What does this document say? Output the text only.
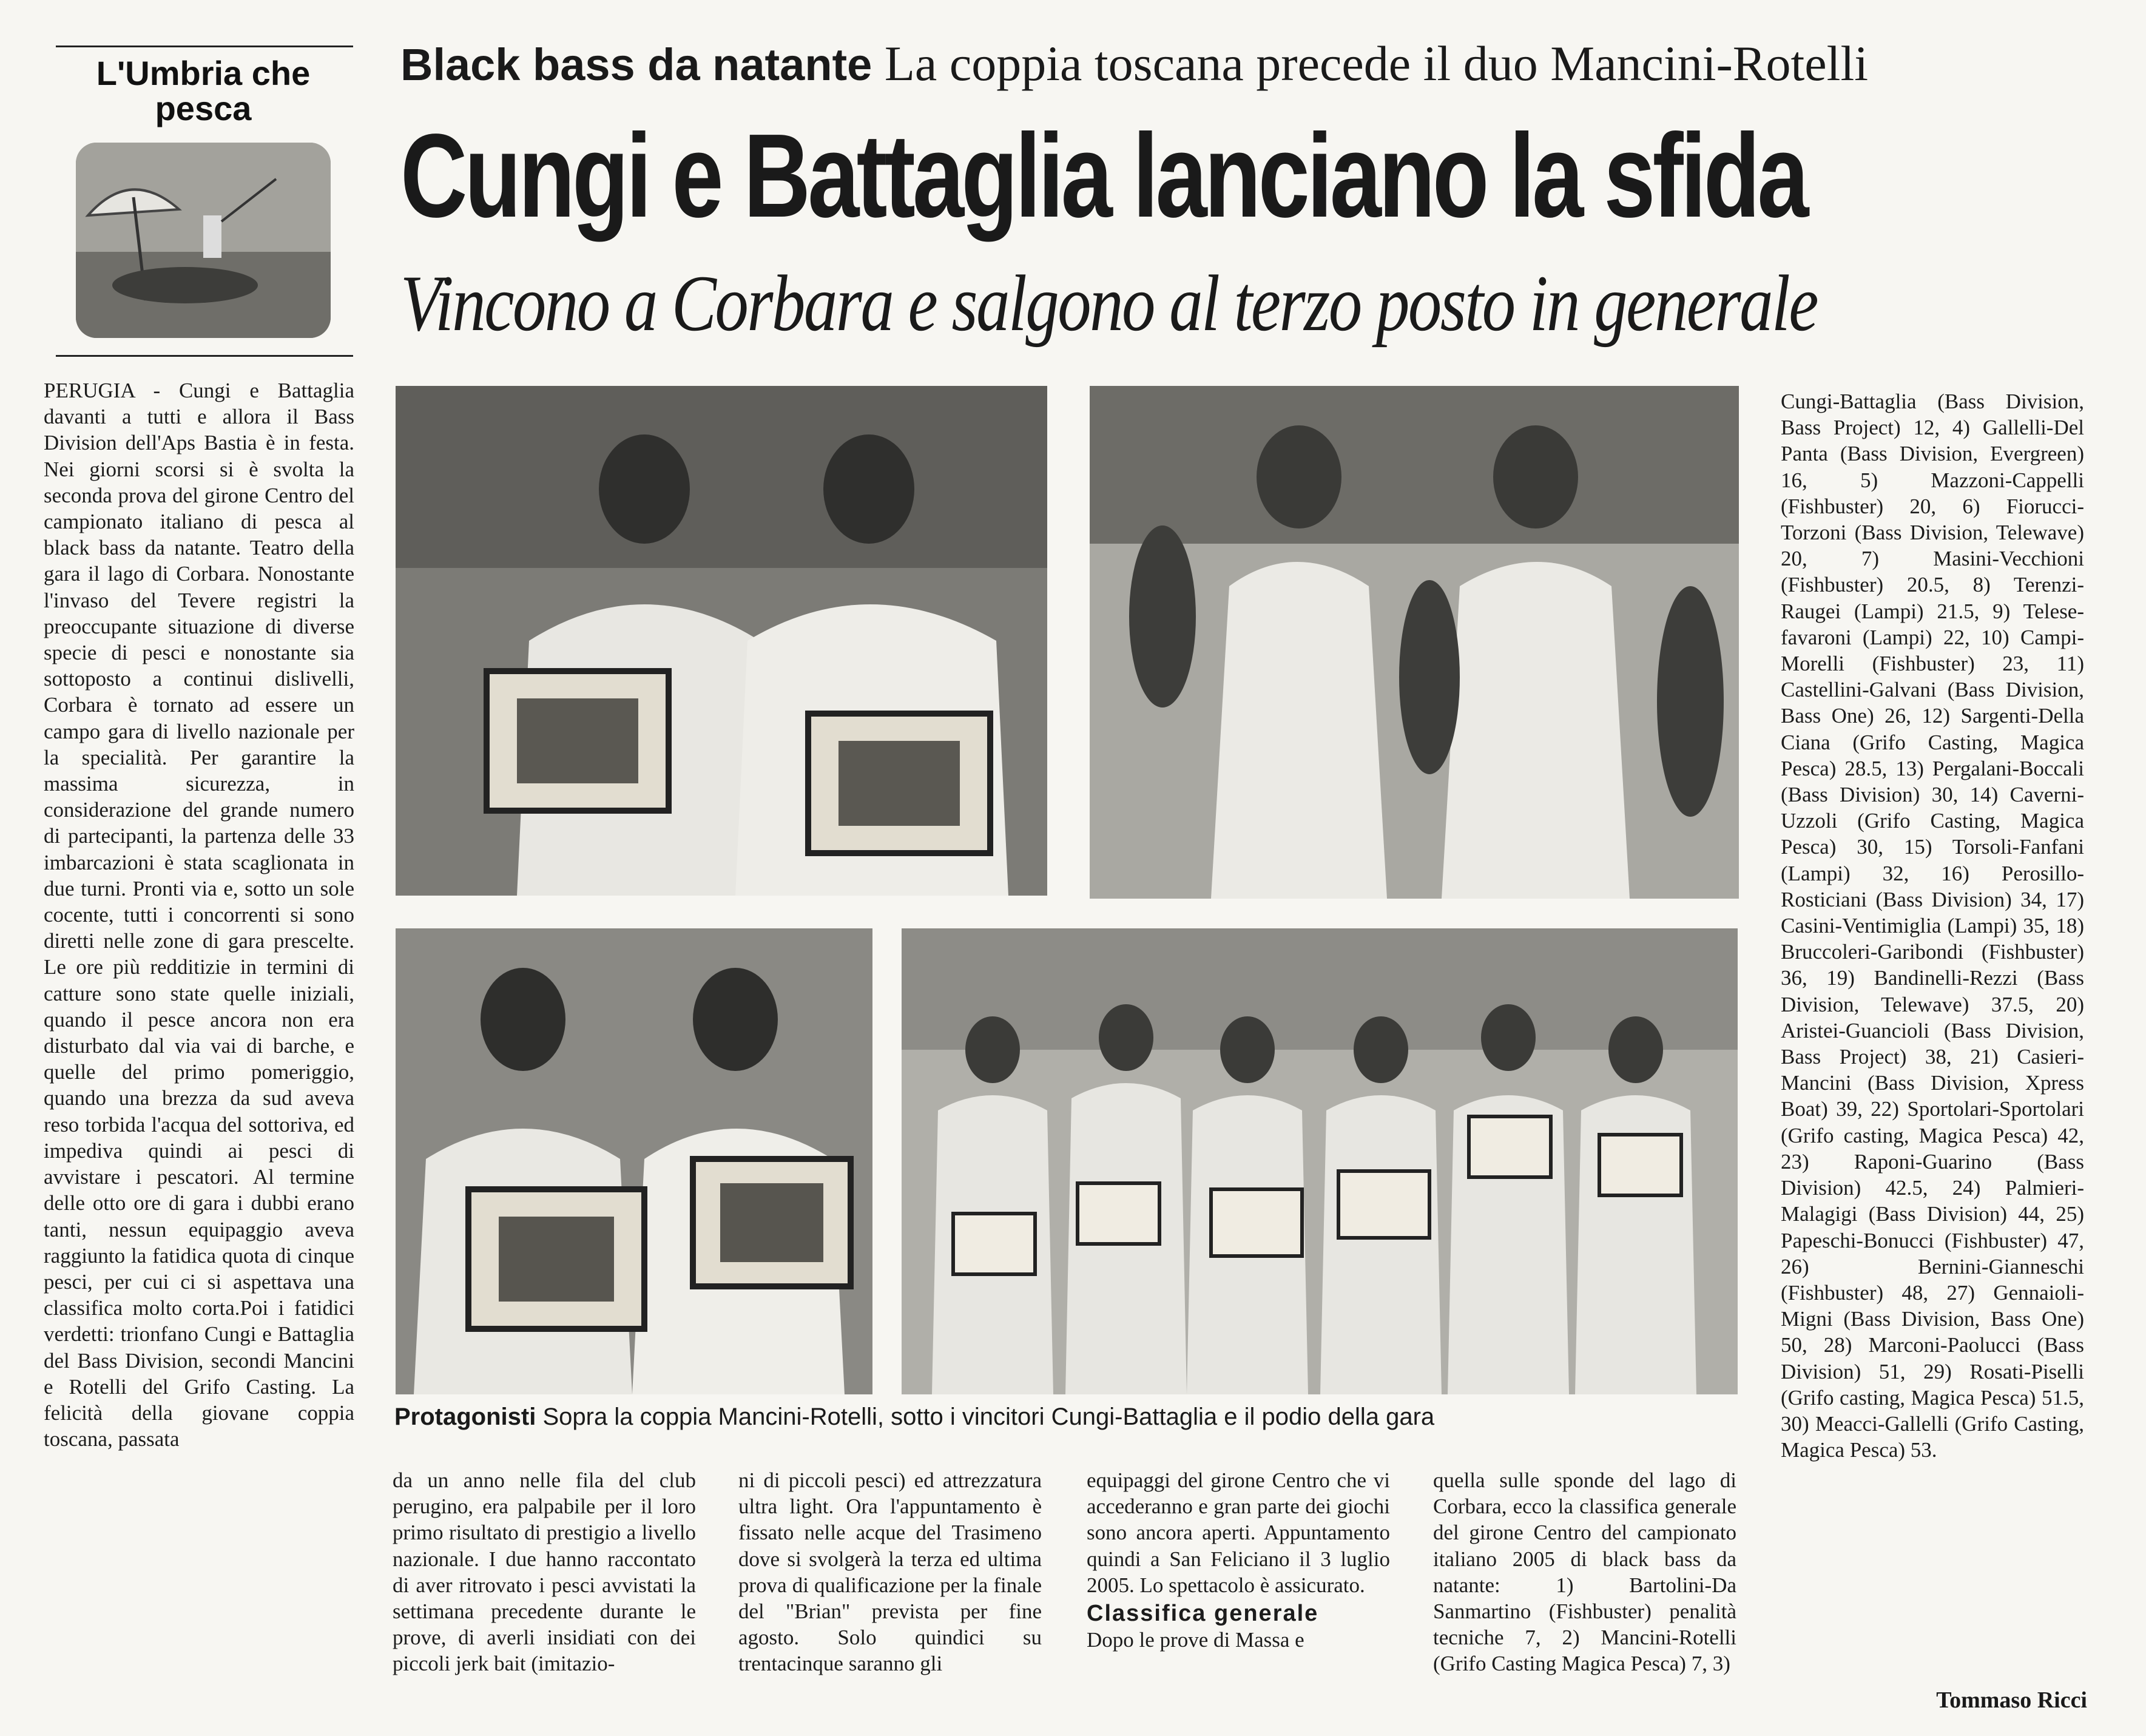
L'Umbria che pesca
Black bass da natante La coppia toscana precede il duo Mancini-Rotelli
Cungi e Battaglia lanciano la sfida
Vincono a Corbara e salgono al terzo posto in generale

PERUGIA - Cungi e Battaglia davanti a tutti e allora il Bass Division dell'Aps Bastia è in festa. Nei giorni scorsi si è svolta la seconda prova del girone Centro del campionato italiano di pesca al black bass da natante. Teatro della gara il lago di Corbara. Nonostante l'invaso del Tevere registri la preoccupante situazione di diverse specie di pesci e nonostante sia sottoposto a continui dislivelli, Corbara è tornato ad essere un campo gara di livello nazionale per la specialità. Per garantire la massima sicurezza, in considerazione del grande numero di partecipanti, la partenza delle 33 imbarcazioni è stata scaglionata in due turni. Pronti via e, sotto un sole cocente, tutti i concorrenti si sono diretti nelle zone di gara prescelte. Le ore più redditizie in termini di catture sono state quelle iniziali, quando il pesce ancora non era disturbato dal via vai di barche, e quelle del primo pomeriggio, quando una brezza da sud aveva reso torbida l'acqua del sottoriva, ed impediva quindi ai pesci di avvistare i pescatori. Al termine delle otto ore di gara i dubbi erano tanti, nessun equipaggio aveva raggiunto la fatidica quota di cinque pesci, per cui ci si aspettava una classifica molto corta.Poi i fatidici verdetti: trionfano Cungi e Battaglia del Bass Division, secondi Mancini e Rotelli del Grifo Casting. La felicità della giovane coppia toscana, passata

Protagonisti Sopra la coppia Mancini-Rotelli, sotto i vincitori Cungi-Battaglia e il podio della gara

da un anno nelle fila del club perugino, era palpabile per il loro primo risultato di prestigio a livello nazionale. I due hanno raccontato di aver ritrovato i pesci avvistati la settimana precedente durante le prove, di averli insidiati con dei piccoli jerk bait (imitazio-

ni di piccoli pesci) ed attrezzatura ultra light. Ora l'appuntamento è fissato nelle acque del Trasimeno dove si svolgerà la terza ed ultima prova di qualificazione per la finale del "Brian" prevista per fine agosto. Solo quindici su trentacinque saranno gli

equipaggi del girone Centro che vi accederanno e gran parte dei giochi sono ancora aperti. Appuntamento quindi a San Feliciano il 3 luglio 2005. Lo spettacolo è assicurato.

Classifica generale

Dopo le prove di Massa e

quella sulle sponde del lago di Corbara, ecco la classifica generale del girone Centro del campionato italiano 2005 di black bass da natante: 1) Bartolini-Da Sanmartino (Fishbuster) penalità tecniche 7, 2) Mancini-Rotelli (Grifo Casting Magica Pesca) 7, 3)

Cungi-Battaglia (Bass Division, Bass Project) 12, 4) Gallelli-Del Panta (Bass Division, Evergreen) 16, 5) Mazzoni-Cappelli (Fishbuster) 20, 6) Fiorucci-Torzoni (Bass Division, Telewave) 20, 7) Masini-Vecchioni (Fishbuster) 20.5, 8) Terenzi-Raugei (Lampi) 21.5, 9) Telese-favaroni (Lampi) 22, 10) Campi-Morelli (Fishbuster) 23, 11) Castellini-Galvani (Bass Division, Bass One) 26, 12) Sargenti-Della Ciana (Grifo Casting, Magica Pesca) 28.5, 13) Pergalani-Boccali (Bass Division) 30, 14) Caverni-Uzzoli (Grifo Casting, Magica Pesca) 30, 15) Torsoli-Fanfani (Lampi) 32, 16) Perosillo-Rosticiani (Bass Division) 34, 17) Casini-Ventimiglia (Lampi) 35, 18) Bruccoleri-Garibondi (Fishbuster) 36, 19) Bandinelli-Rezzi (Bass Division, Telewave) 37.5, 20) Aristei-Guancioli (Bass Division, Bass Project) 38, 21) Casieri-Mancini (Bass Division, Xpress Boat) 39, 22) Sportolari-Sportolari (Grifo casting, Magica Pesca) 42, 23) Raponi-Guarino (Bass Division) 42.5, 24) Palmieri-Malagigi (Bass Division) 44, 25) Papeschi-Bonucci (Fishbuster) 47, 26) Bernini-Gianneschi (Fishbuster) 48, 27) Gennaioli-Migni (Bass Division, Bass One) 50, 28) Marconi-Paolucci (Bass Division) 51, 29) Rosati-Piselli (Grifo casting, Magica Pesca) 51.5, 30) Meacci-Gallelli (Grifo Casting, Magica Pesca) 53.

Tommaso Ricci
